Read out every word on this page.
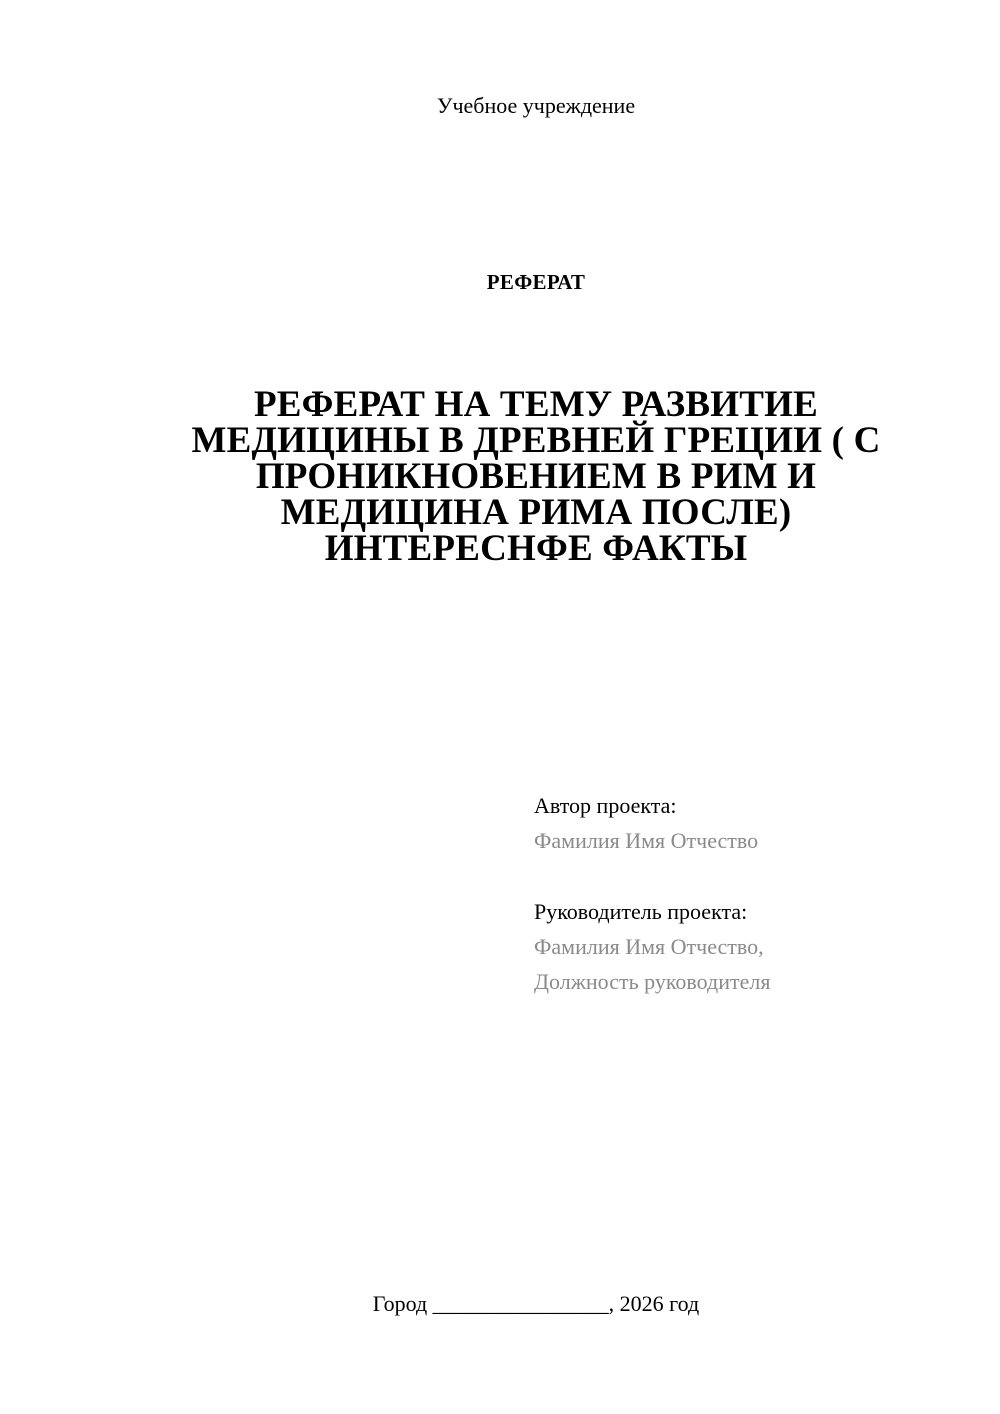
Учебное учреждение
РЕФЕРАТ
РЕФЕРАТ НА ТЕМУ РАЗВИТИЕ
МЕДИЦИНЫ В ДРЕВНЕЙ ГРЕЦИИ ( С
ПРОНИКНОВЕНИЕМ В РИМ И
МЕДИЦИНА РИМА ПОСЛЕ)
ИНТЕРЕСНФЕ ФАКТЫ
Автор проекта:
Фамилия Имя Отчество
Руководитель проекта:
Фамилия Имя Отчество,
Должность руководителя
Город ________________, 2026 год
